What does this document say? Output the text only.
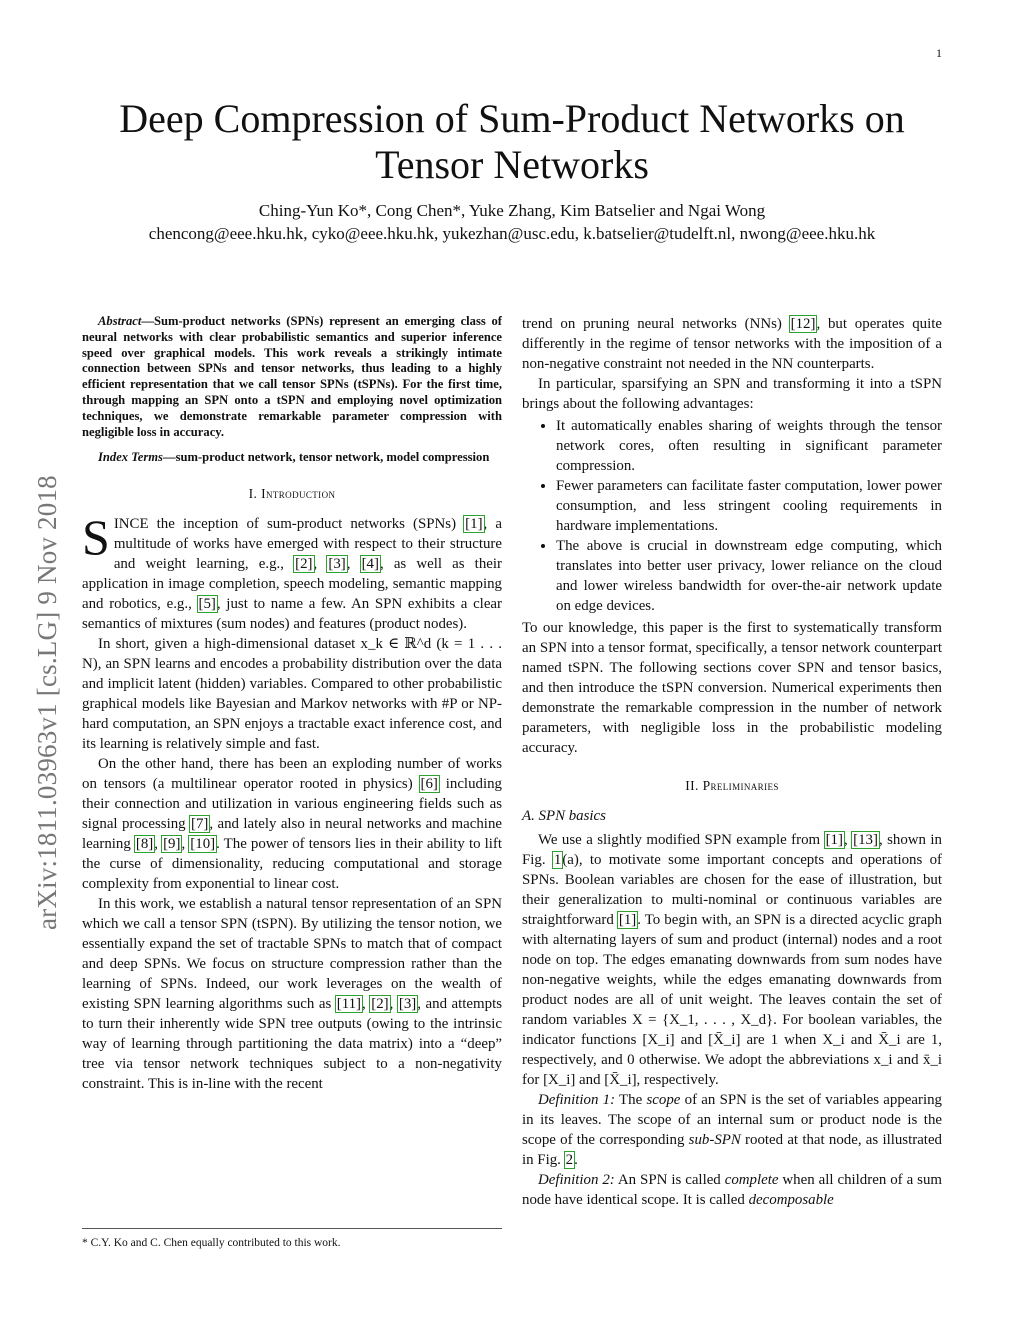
1
arXiv:1811.03963v1 [cs.LG] 9 Nov 2018
Deep Compression of Sum-Product Networks on Tensor Networks
Ching-Yun Ko*, Cong Chen*, Yuke Zhang, Kim Batselier and Ngai Wong
chencong@eee.hku.hk, cyko@eee.hku.hk, yukezhan@usc.edu, k.batselier@tudelft.nl, nwong@eee.hku.hk

Abstract—Sum-product networks (SPNs) represent an emerging class of neural networks with clear probabilistic semantics and superior inference speed over graphical models. This work reveals a strikingly intimate connection between SPNs and tensor networks, thus leading to a highly efficient representation that we call tensor SPNs (tSPNs). For the first time, through mapping an SPN onto a tSPN and employing novel optimization techniques, we demonstrate remarkable parameter compression with negligible loss in accuracy.

Index Terms—sum-product network, tensor network, model compression

I. Introduction

SINCE the inception of sum-product networks (SPNs) [1], a multitude of works have emerged with respect to their structure and weight learning, e.g., [2], [3], [4], as well as their application in image completion, speech modeling, semantic mapping and robotics, e.g., [5], just to name a few. An SPN exhibits a clear semantics of mixtures (sum nodes) and features (product nodes).

In short, given a high-dimensional dataset x_k ∈ ℝ^d (k = 1 . . . N), an SPN learns and encodes a probability distribution over the data and implicit latent (hidden) variables. Compared to other probabilistic graphical models like Bayesian and Markov networks with #P or NP-hard computation, an SPN enjoys a tractable exact inference cost, and its learning is relatively simple and fast.

On the other hand, there has been an exploding number of works on tensors (a multilinear operator rooted in physics) [6] including their connection and utilization in various engineering fields such as signal processing [7], and lately also in neural networks and machine learning [8], [9], [10]. The power of tensors lies in their ability to lift the curse of dimensionality, reducing computational and storage complexity from exponential to linear cost.

In this work, we establish a natural tensor representation of an SPN which we call a tensor SPN (tSPN). By utilizing the tensor notion, we essentially expand the set of tractable SPNs to match that of compact and deep SPNs. We focus on structure compression rather than the learning of SPNs. Indeed, our work leverages on the wealth of existing SPN learning algorithms such as [11], [2], [3], and attempts to turn their inherently wide SPN tree outputs (owing to the intrinsic way of learning through partitioning the data matrix) into a “deep” tree via tensor network techniques subject to a non-negativity constraint. This is in-line with the recent

* C.Y. Ko and C. Chen equally contributed to this work.

trend on pruning neural networks (NNs) [12], but operates quite differently in the regime of tensor networks with the imposition of a non-negative constraint not needed in the NN counterparts.

In particular, sparsifying an SPN and transforming it into a tSPN brings about the following advantages:

• It automatically enables sharing of weights through the tensor network cores, often resulting in significant parameter compression.
• Fewer parameters can facilitate faster computation, lower power consumption, and less stringent cooling requirements in hardware implementations.
• The above is crucial in downstream edge computing, which translates into better user privacy, lower reliance on the cloud and lower wireless bandwidth for over-the-air network update on edge devices.

To our knowledge, this paper is the first to systematically transform an SPN into a tensor format, specifically, a tensor network counterpart named tSPN. The following sections cover SPN and tensor basics, and then introduce the tSPN conversion. Numerical experiments then demonstrate the remarkable compression in the number of network parameters, with negligible loss in the probabilistic modeling accuracy.

II. Preliminaries
A. SPN basics

We use a slightly modified SPN example from [1], [13], shown in Fig. 1(a), to motivate some important concepts and operations of SPNs. Boolean variables are chosen for the ease of illustration, but their generalization to multi-nominal or continuous variables are straightforward [1]. To begin with, an SPN is a directed acyclic graph with alternating layers of sum and product (internal) nodes and a root node on top. The edges emanating downwards from sum nodes have non-negative weights, while the edges emanating downwards from product nodes are all of unit weight. The leaves contain the set of random variables X = {X_1, . . . , X_d}. For boolean variables, the indicator functions [X_i] and [X̄_i] are 1 when X_i and X̄_i are 1, respectively, and 0 otherwise. We adopt the abbreviations x_i and x̄_i for [X_i] and [X̄_i], respectively.

Definition 1: The scope of an SPN is the set of variables appearing in its leaves. The scope of an internal sum or product node is the scope of the corresponding sub-SPN rooted at that node, as illustrated in Fig. 2.

Definition 2: An SPN is called complete when all children of a sum node have identical scope. It is called decomposable
